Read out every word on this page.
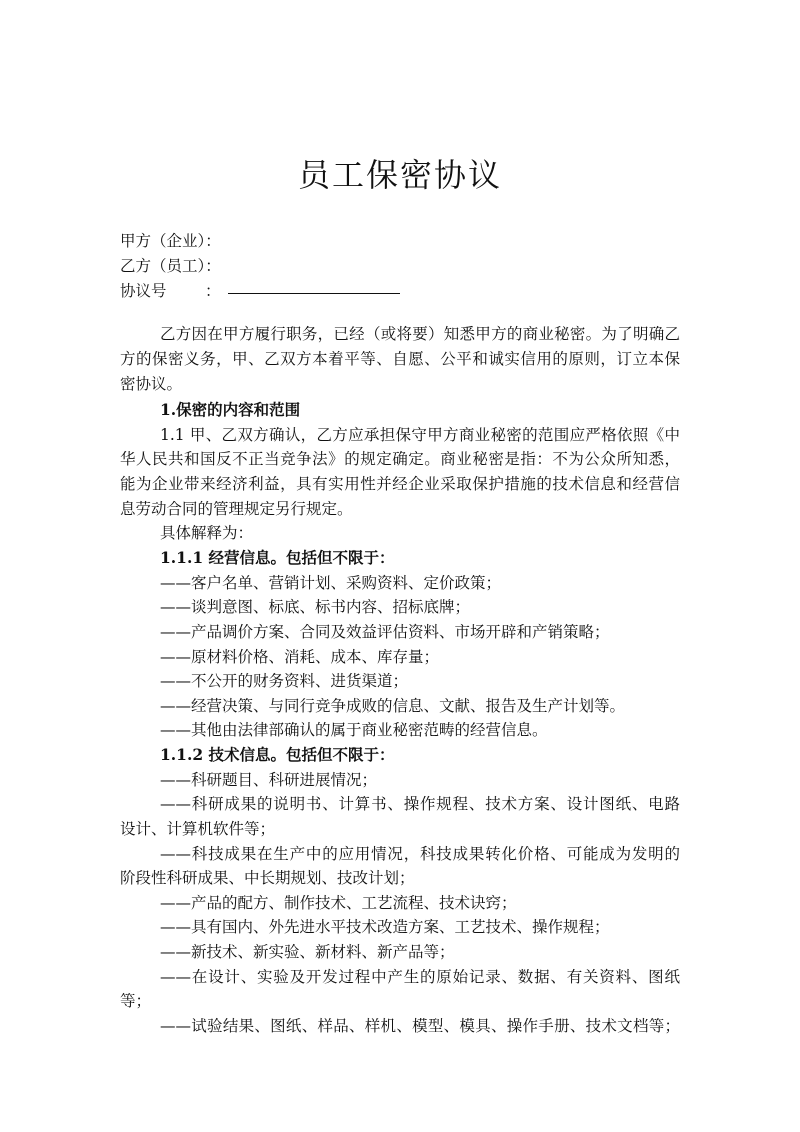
员工保密协议
甲方（企业）：
乙方（员工）：
协议号 ：
乙方因在甲方履行职务，已经（或将要）知悉甲方的商业秘密。为了明确乙
方的保密义务，甲、乙双方本着平等、自愿、公平和诚实信用的原则，订立本保
密协议。
1.保密的内容和范围
1.1 甲、乙双方确认，乙方应承担保守甲方商业秘密的范围应严格依照《中
华人民共和国反不正当竞争法》的规定确定。商业秘密是指：不为公众所知悉，
能为企业带来经济利益，具有实用性并经企业采取保护措施的技术信息和经营信
息劳动合同的管理规定另行规定。
具体解释为：
1.1.1 经营信息。包括但不限于：
——客户名单、营销计划、采购资料、定价政策；
——谈判意图、标底、标书内容、招标底牌；
——产品调价方案、合同及效益评估资料、市场开辟和产销策略；
——原材料价格、消耗、成本、库存量；
——不公开的财务资料、进货渠道；
——经营决策、与同行竞争成败的信息、文献、报告及生产计划等。
——其他由法律部确认的属于商业秘密范畴的经营信息。
1.1.2 技术信息。包括但不限于：
——科研题目、科研进展情况；
——科研成果的说明书、计算书、操作规程、技术方案、设计图纸、电路
设计、计算机软件等；
——科技成果在生产中的应用情况，科技成果转化价格、可能成为发明的
阶段性科研成果、中长期规划、技改计划；
——产品的配方、制作技术、工艺流程、技术诀窍；
——具有国内、外先进水平技术改造方案、工艺技术、操作规程；
——新技术、新实验、新材料、新产品等；
——在设计、实验及开发过程中产生的原始记录、数据、有关资料、图纸
等；
——试验结果、图纸、样品、样机、模型、模具、操作手册、技术文档等；
